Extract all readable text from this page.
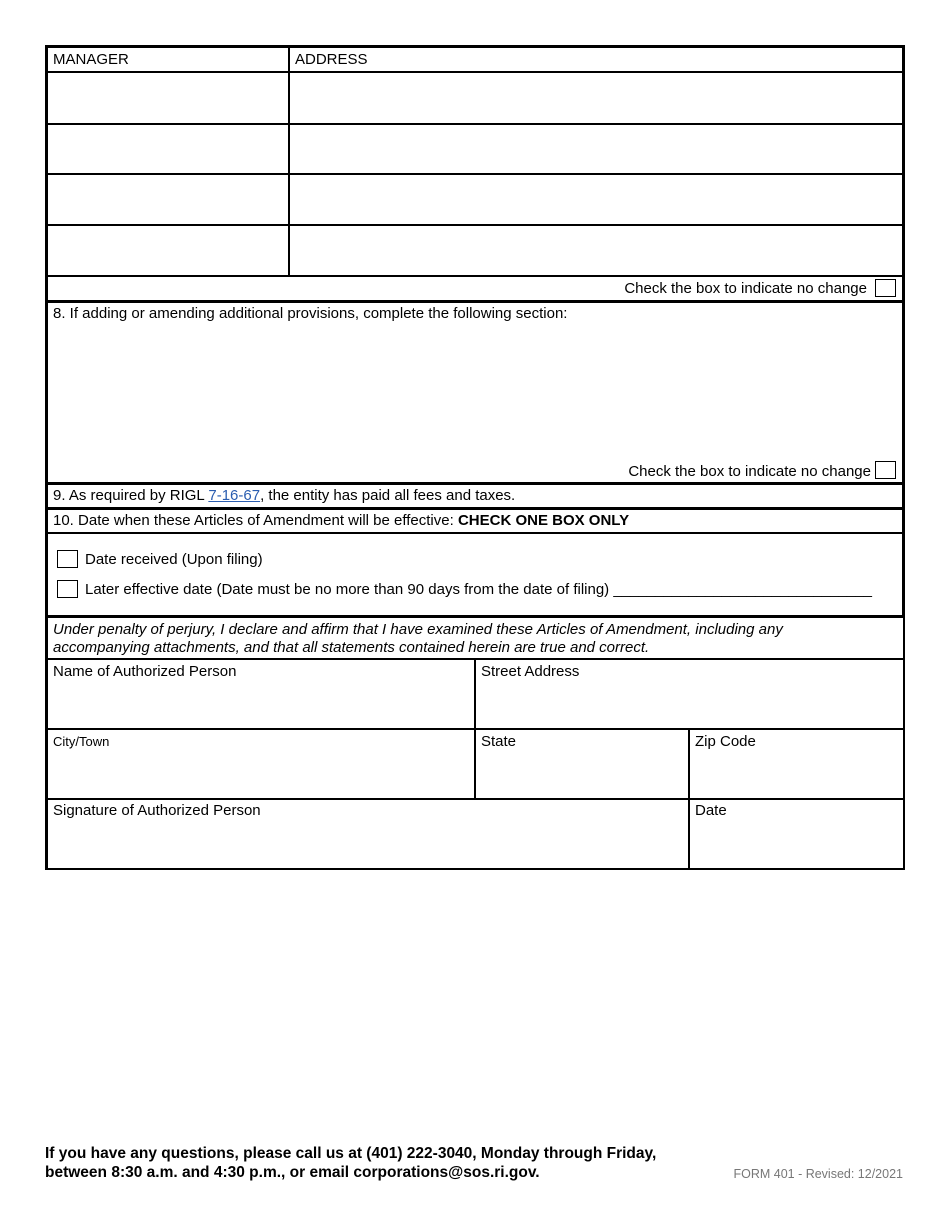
MANAGER	ADDRESS
Check the box to indicate no change
8. If adding or amending additional provisions, complete the following section:
Check the box to indicate no change
9. As required by RIGL 7-16-67, the entity has paid all fees and taxes.
10. Date when these Articles of Amendment will be effective: CHECK ONE BOX ONLY
Date received (Upon filing)
Later effective date (Date must be no more than 90 days from the date of filing) _______________________________
Under penalty of perjury, I declare and affirm that I have examined these Articles of Amendment, including any
accompanying attachments, and that all statements contained herein are true and correct.
Name of Authorized Person	Street Address
City/Town	State	Zip Code
Signature of Authorized Person	Date
If you have any questions, please call us at (401) 222-3040, Monday through Friday,
between 8:30 a.m. and 4:30 p.m., or email corporations@sos.ri.gov.	FORM 401 - Revised: 12/2021
